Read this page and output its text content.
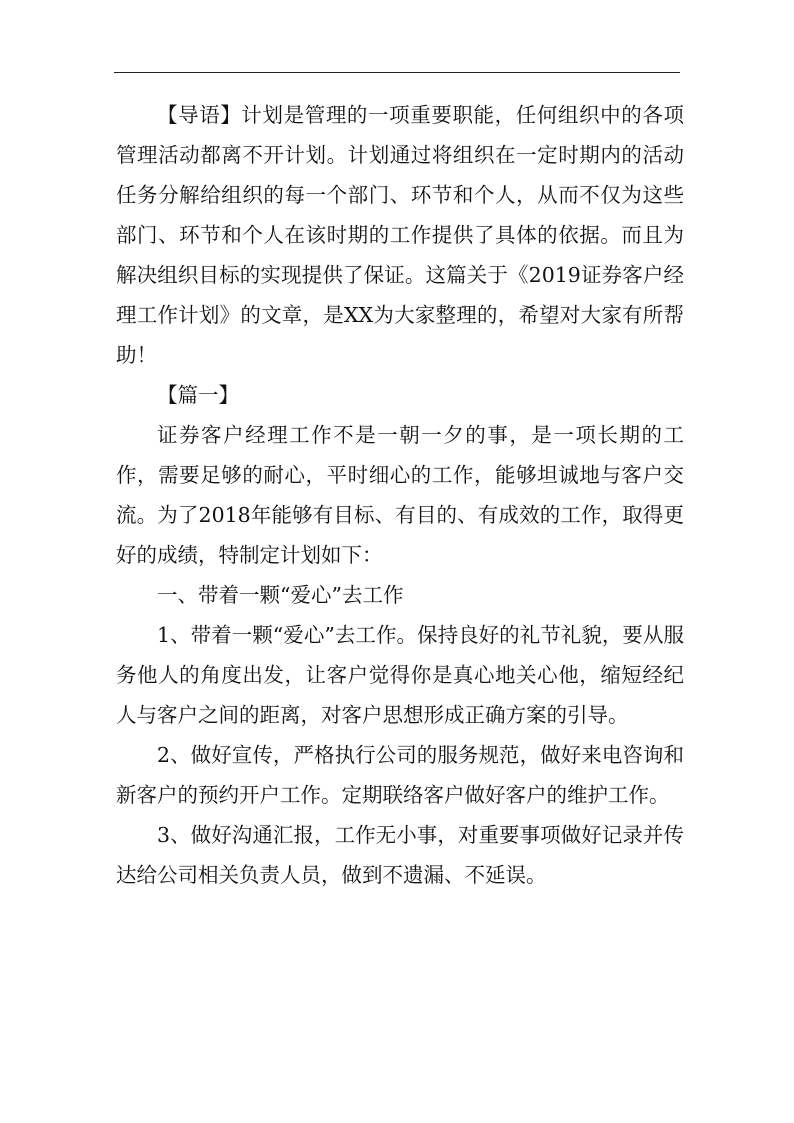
【导语】计划是管理的一项重要职能，任何组织中的各项管理活动都离不开计划。计划通过将组织在一定时期内的活动任务分解给组织的每一个部门、环节和个人，从而不仅为这些部门、环节和个人在该时期的工作提供了具体的依据。而且为解决组织目标的实现提供了保证。这篇关于《2019证券客户经理工作计划》的文章，是XX为大家整理的，希望对大家有所帮助！

【篇一】

证券客户经理工作不是一朝一夕的事，是一项长期的工作，需要足够的耐心，平时细心的工作，能够坦诚地与客户交流。为了2018年能够有目标、有目的、有成效的工作，取得更好的成绩，特制定计划如下：

一、带着一颗“爱心”去工作

1、带着一颗“爱心”去工作。保持良好的礼节礼貌，要从服务他人的角度出发，让客户觉得你是真心地关心他，缩短经纪人与客户之间的距离，对客户思想形成正确方案的引导。

2、做好宣传，严格执行公司的服务规范，做好来电咨询和新客户的预约开户工作。定期联络客户做好客户的维护工作。

3、做好沟通汇报，工作无小事，对重要事项做好记录并传达给公司相关负责人员，做到不遗漏、不延误。
